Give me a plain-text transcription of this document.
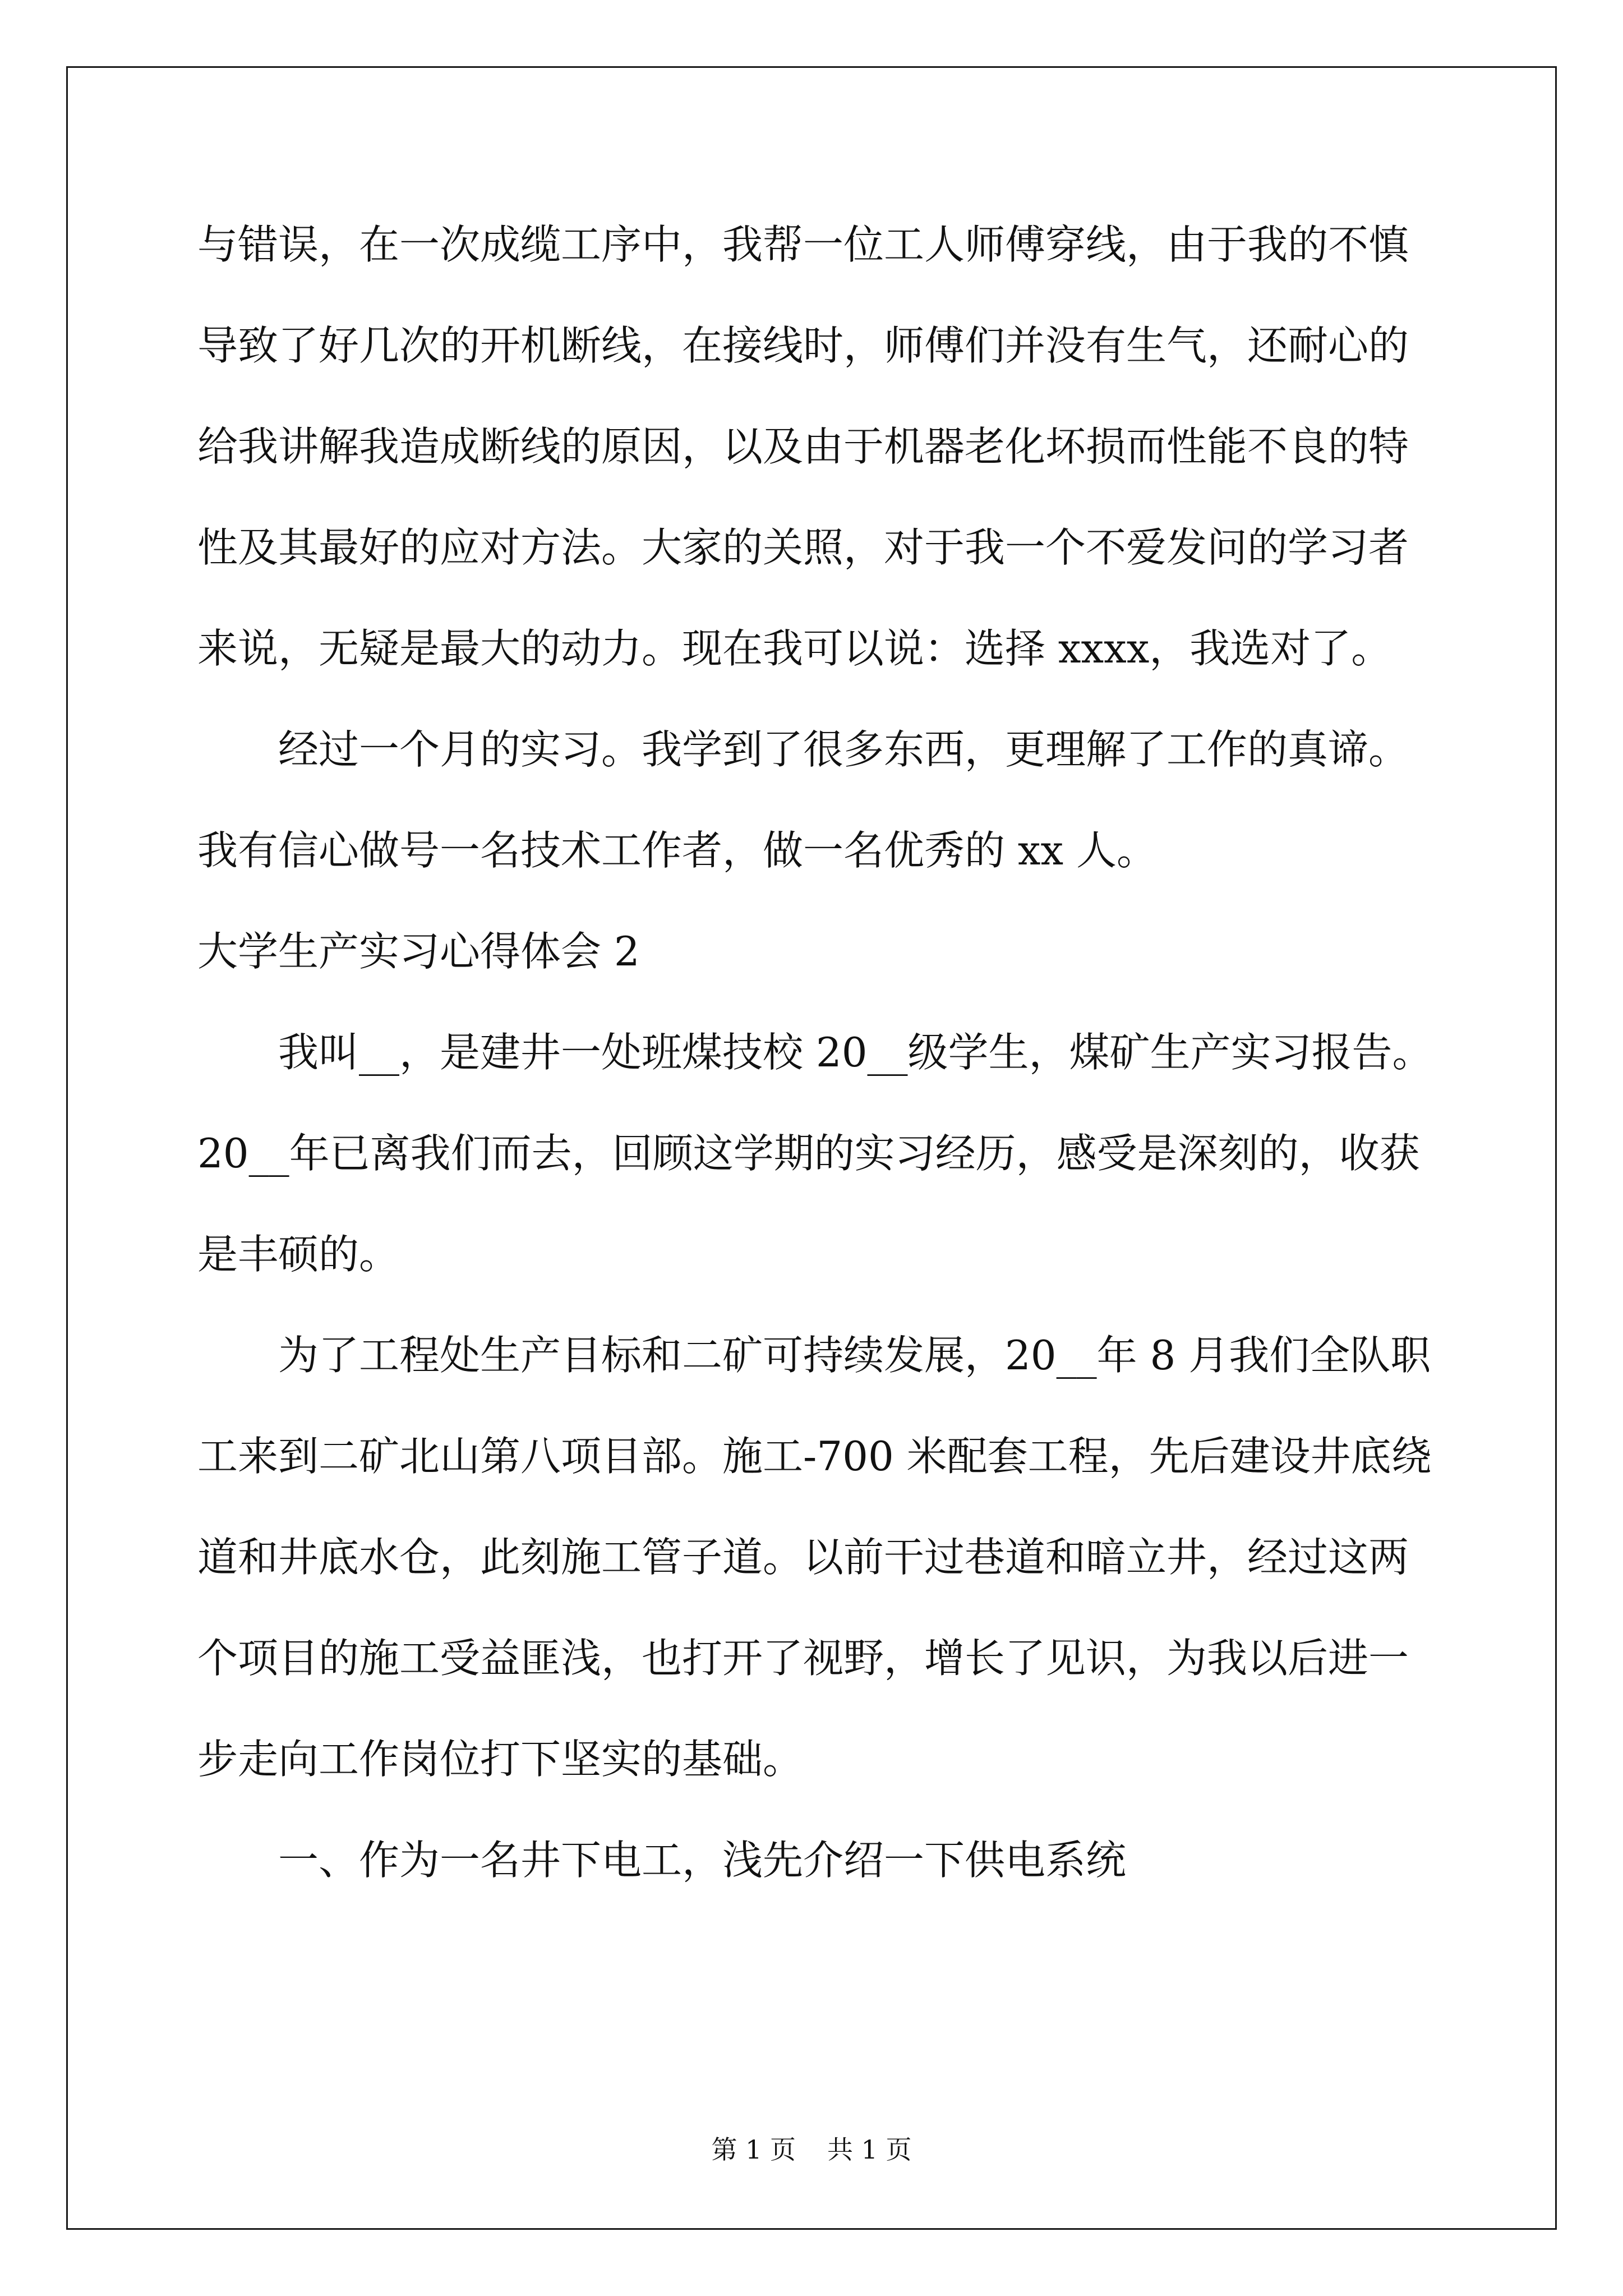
与错误，在一次成缆工序中，我帮一位工人师傅穿线，由于我的不慎
导致了好几次的开机断线，在接线时，师傅们并没有生气，还耐心的
给我讲解我造成断线的原因，以及由于机器老化坏损而性能不良的特
性及其最好的应对方法。大家的关照，对于我一个不爱发问的学习者
来说，无疑是最大的动力。现在我可以说：选择 xxxx，我选对了。
　　经过一个月的实习。我学到了很多东西，更理解了工作的真谛。
我有信心做号一名技术工作者，做一名优秀的 xx 人。
大学生产实习心得体会 2
　　我叫__，是建井一处班煤技校 20__级学生，煤矿生产实习报告。
20__年已离我们而去，回顾这学期的实习经历，感受是深刻的，收获
是丰硕的。
　　为了工程处生产目标和二矿可持续发展，20__年 8 月我们全队职
工来到二矿北山第八项目部。施工-700 米配套工程，先后建设井底绕
道和井底水仓，此刻施工管子道。以前干过巷道和暗立井，经过这两
个项目的施工受益匪浅，也打开了视野，增长了见识，为我以后进一
步走向工作岗位打下坚实的基础。
　　一、作为一名井下电工，浅先介绍一下供电系统
第 1 页 共 1 页
